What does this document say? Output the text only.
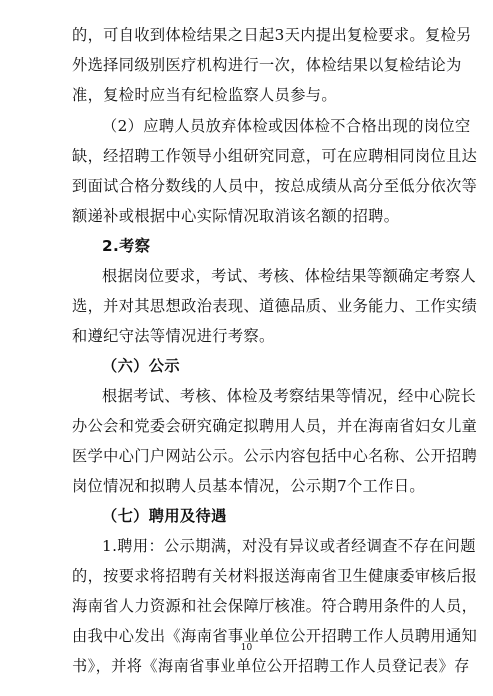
的，可自收到体检结果之日起3天内提出复检要求。复检另
外选择同级别医疗机构进行一次，体检结果以复检结论为
准，复检时应当有纪检监察人员参与。
（2）应聘人员放弃体检或因体检不合格出现的岗位空
缺，经招聘工作领导小组研究同意，可在应聘相同岗位且达
到面试合格分数线的人员中，按总成绩从高分至低分依次等
额递补或根据中心实际情况取消该名额的招聘。
2.考察
根据岗位要求，考试、考核、体检结果等额确定考察人
选，并对其思想政治表现、道德品质、业务能力、工作实绩
和遵纪守法等情况进行考察。
（六）公示
根据考试、考核、体检及考察结果等情况，经中心院长
办公会和党委会研究确定拟聘用人员，并在海南省妇女儿童
医学中心门户网站公示。公示内容包括中心名称、公开招聘
岗位情况和拟聘人员基本情况，公示期7个工作日。
（七）聘用及待遇
1.聘用：公示期满，对没有异议或者经调查不存在问题
的，按要求将招聘有关材料报送海南省卫生健康委审核后报
海南省人力资源和社会保障厅核准。符合聘用条件的人员，
由我中心发出《海南省事业单位公开招聘工作人员聘用通知
书》，并将《海南省事业单位公开招聘工作人员登记表》存
10
